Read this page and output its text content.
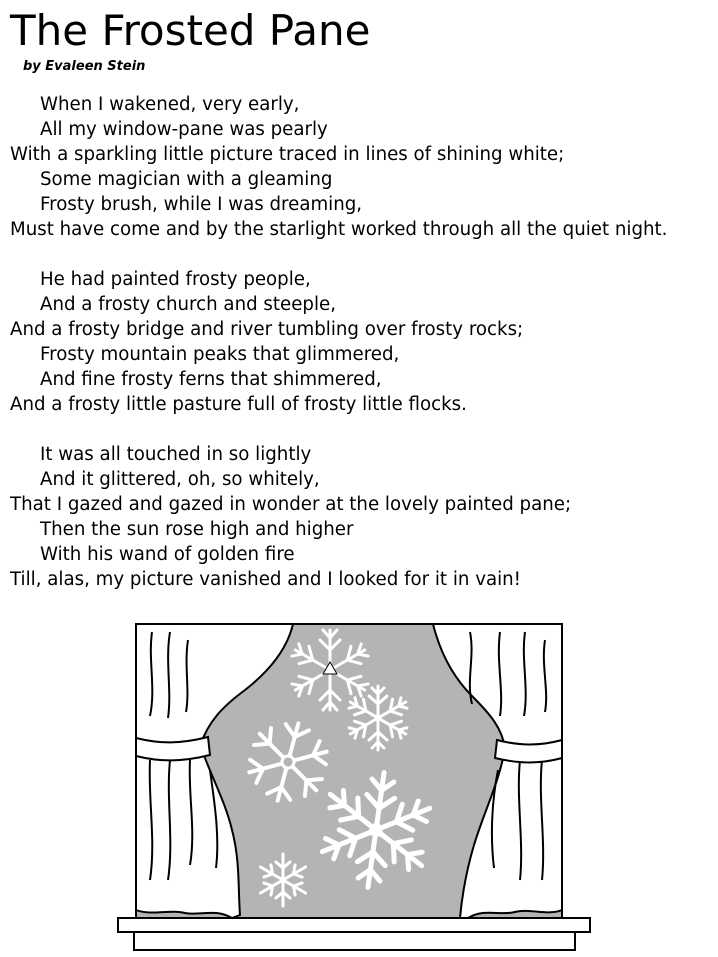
The Frosted Pane
by Evaleen Stein
When I wakened, very early,
All my window-pane was pearly
With a sparkling little picture traced in lines of shining white;
Some magician with a gleaming
Frosty brush, while I was dreaming,
Must have come and by the starlight worked through all the quiet night.
He had painted frosty people,
And a frosty church and steeple,
And a frosty bridge and river tumbling over frosty rocks;
Frosty mountain peaks that glimmered,
And fine frosty ferns that shimmered,
And a frosty little pasture full of frosty little flocks.
It was all touched in so lightly
And it glittered, oh, so whitely,
That I gazed and gazed in wonder at the lovely painted pane;
Then the sun rose high and higher
With his wand of golden fire
Till, alas, my picture vanished and I looked for it in vain!
